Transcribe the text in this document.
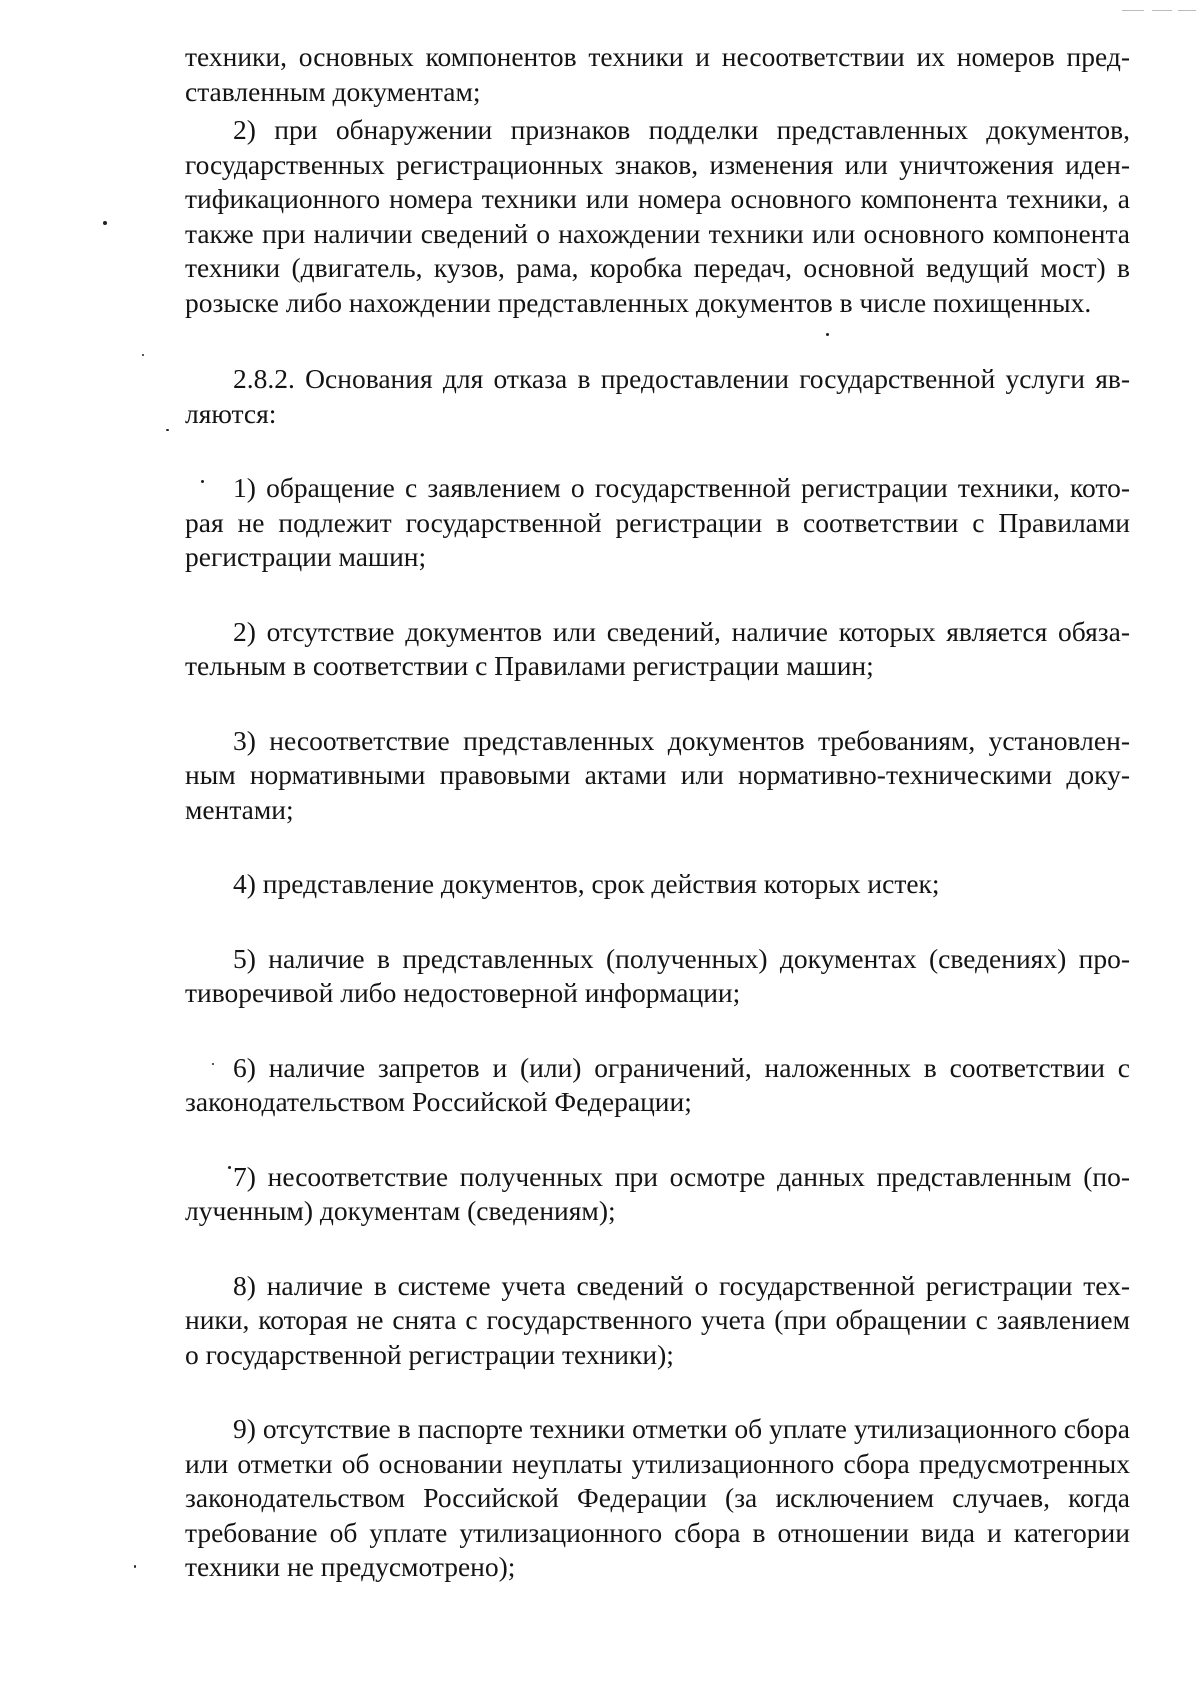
техники, основных компонентов техники и несоответствии их номеров представленным документам;

2) при обнаружении признаков подделки представленных документов, государственных регистрационных знаков, изменения или уничтожения идентификационного номера техники или номера основного компонента техники, а также при наличии сведений о нахождении техники или основного компонента техники (двигатель, кузов, рама, коробка передач, основной ведущий мост) в розыске либо нахождении представленных документов в числе похищенных.

2.8.2. Основания для отказа в предоставлении государственной услуги являются:

1) обращение с заявлением о государственной регистрации техники, которая не подлежит государственной регистрации в соответствии с Правилами регистрации машин;

2) отсутствие документов или сведений, наличие которых является обязательным в соответствии с Правилами регистрации машин;

3) несоответствие представленных документов требованиям, установленным нормативными правовыми актами или нормативно-техническими документами;

4) представление документов, срок действия которых истек;

5) наличие в представленных (полученных) документах (сведениях) противоречивой либо недостоверной информации;

6) наличие запретов и (или) ограничений, наложенных в соответствии с законодательством Российской Федерации;

7) несоответствие полученных при осмотре данных представленным (полученным) документам (сведениям);

8) наличие в системе учета сведений о государственной регистрации техники, которая не снята с государственного учета (при обращении с заявлением о государственной регистрации техники);

9) отсутствие в паспорте техники отметки об уплате утилизационного сбора или отметки об основании неуплаты утилизационного сбора предусмотренных законодательством Российской Федерации (за исключением случаев, когда требование об уплате утилизационного сбора в отношении вида и категории техники не предусмотрено);
